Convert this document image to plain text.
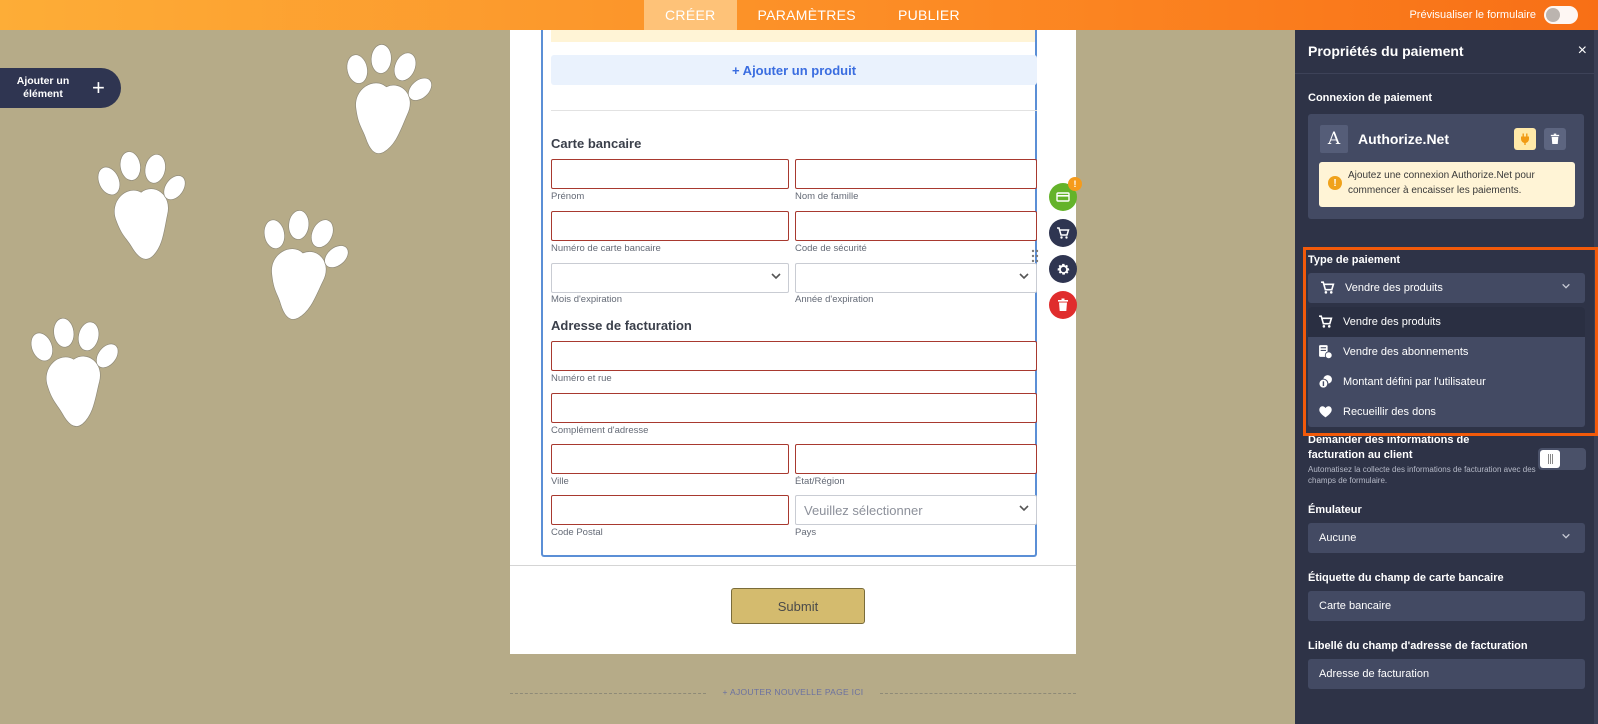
CRÉER	PARAMÈTRES	PUBLIER	Prévisualiser le formulaire
Ajouter un élément	+
+ Ajouter un produit
Carte bancaire
Prénom	Nom de famille
Numéro de carte bancaire	Code de sécurité
Mois d'expiration	Année d'expiration
Adresse de facturation
Numéro et rue
Complément d'adresse
Ville	État/Région
Veuillez sélectionner
Code Postal	Pays
Submit
+ AJOUTER NOUVELLE PAGE ICI
!
Propriétés du paiement	×
Connexion de paiement
A	Authorize.Net
!
Ajoutez une connexion Authorize.Net pour commencer à encaisser les paiements.
Type de paiement
Vendre des produits
Vendre des produits
Vendre des abonnements
Montant défini par l'utilisateur
Recueillir des dons
Demander des informations de facturation au client
Automatisez la collecte des informations de facturation avec des champs de formulaire.
Émulateur
Aucune
Étiquette du champ de carte bancaire
Carte bancaire
Libellé du champ d'adresse de facturation
Adresse de facturation
